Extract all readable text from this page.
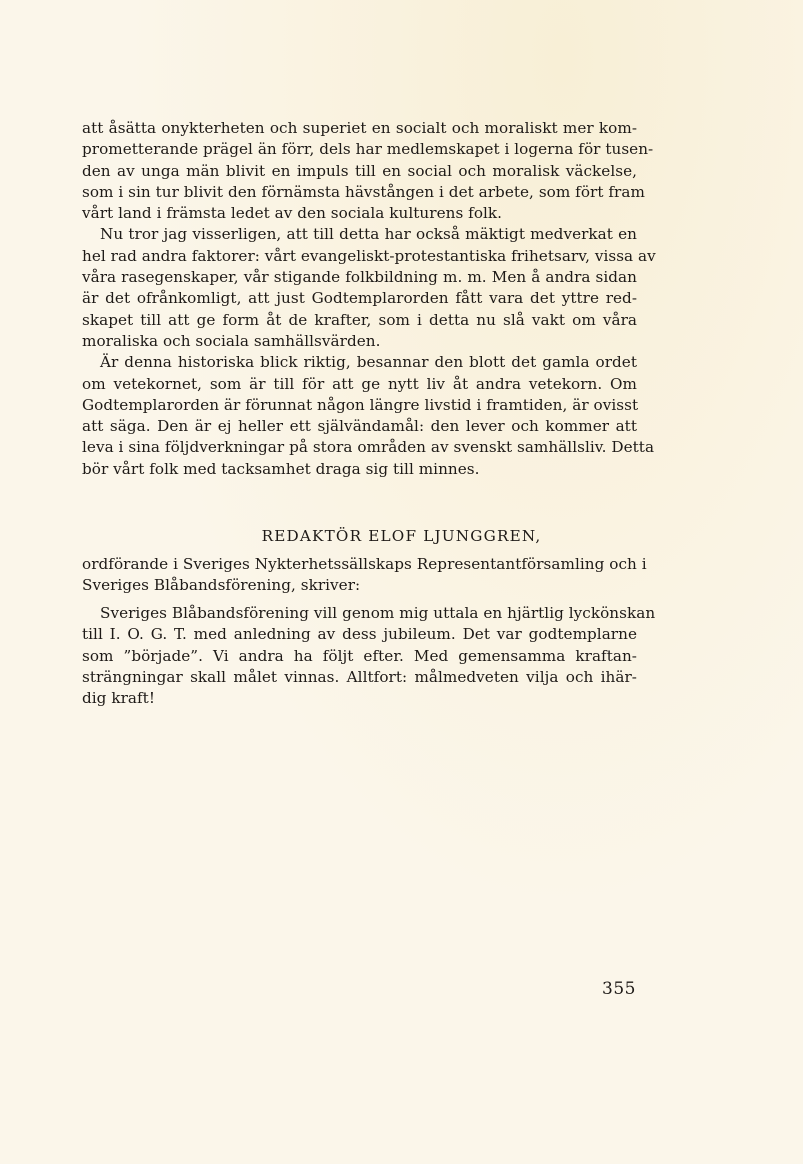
att åsätta onykterheten och superiet en socialt och moraliskt mer kom-
prometterande prägel än förr, dels har medlemskapet i logerna för tusen-
den av unga män blivit en impuls till en social och moralisk väckelse,
som i sin tur blivit den förnämsta hävstången i det arbete, som fört fram
vårt land i främsta ledet av den sociala kulturens folk.
Nu tror jag visserligen, att till detta har också mäktigt medverkat en
hel rad andra faktorer: vårt evangeliskt-protestantiska frihetsarv, vissa av
våra rasegenskaper, vår stigande folkbildning m. m. Men å andra sidan
är det ofrånkomligt, att just Godtemplarorden fått vara det yttre red-
skapet till att ge form åt de krafter, som i detta nu slå vakt om våra
moraliska och sociala samhällsvärden.
Är denna historiska blick riktig, besannar den blott det gamla ordet
om vetekornet, som är till för att ge nytt liv åt andra vetekorn. Om
Godtemplarorden är förunnat någon längre livstid i framtiden, är ovisst
att säga. Den är ej heller ett självändamål: den lever och kommer att
leva i sina följdverkningar på stora områden av svenskt samhällsliv. Detta
bör vårt folk med tacksamhet draga sig till minnes.
REDAKTÖR ELOF LJUNGGREN,
ordförande i Sveriges Nykterhetssällskaps Representantförsamling och i
Sveriges Blåbandsförening, skriver:
Sveriges Blåbandsförening vill genom mig uttala en hjärtlig lyckönskan
till I. O. G. T. med anledning av dess jubileum. Det var godtemplarne
som ”började”. Vi andra ha följt efter. Med gemensamma kraftan-
strängningar skall målet vinnas. Alltfort: målmedveten vilja och ihär-
dig kraft!
355
